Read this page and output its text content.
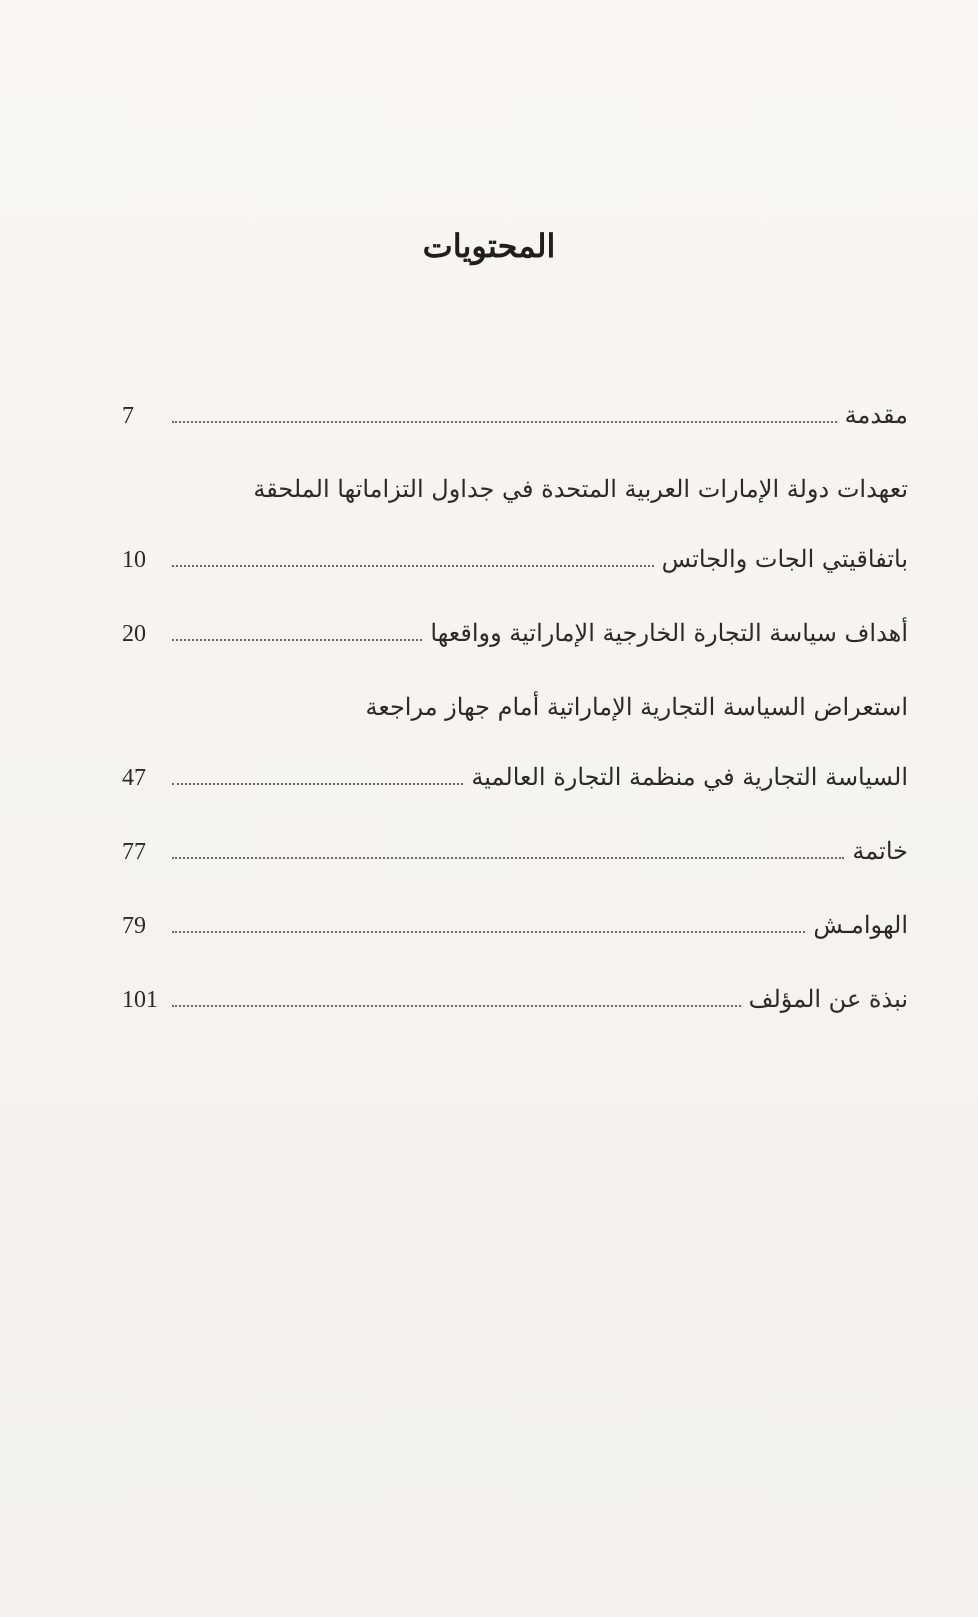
المحتويات
مقدمة
7
تعهدات دولة الإمارات العربية المتحدة في جداول التزاماتها الملحقة
باتفاقيتي الجات والجاتس
10
أهداف سياسة التجارة الخارجية الإماراتية وواقعها
20
استعراض السياسة التجارية الإماراتية أمام جهاز مراجعة
السياسة التجارية في منظمة التجارة العالمية
47
خاتمة
77
الهوامـش
79
نبذة عن المؤلف
101
